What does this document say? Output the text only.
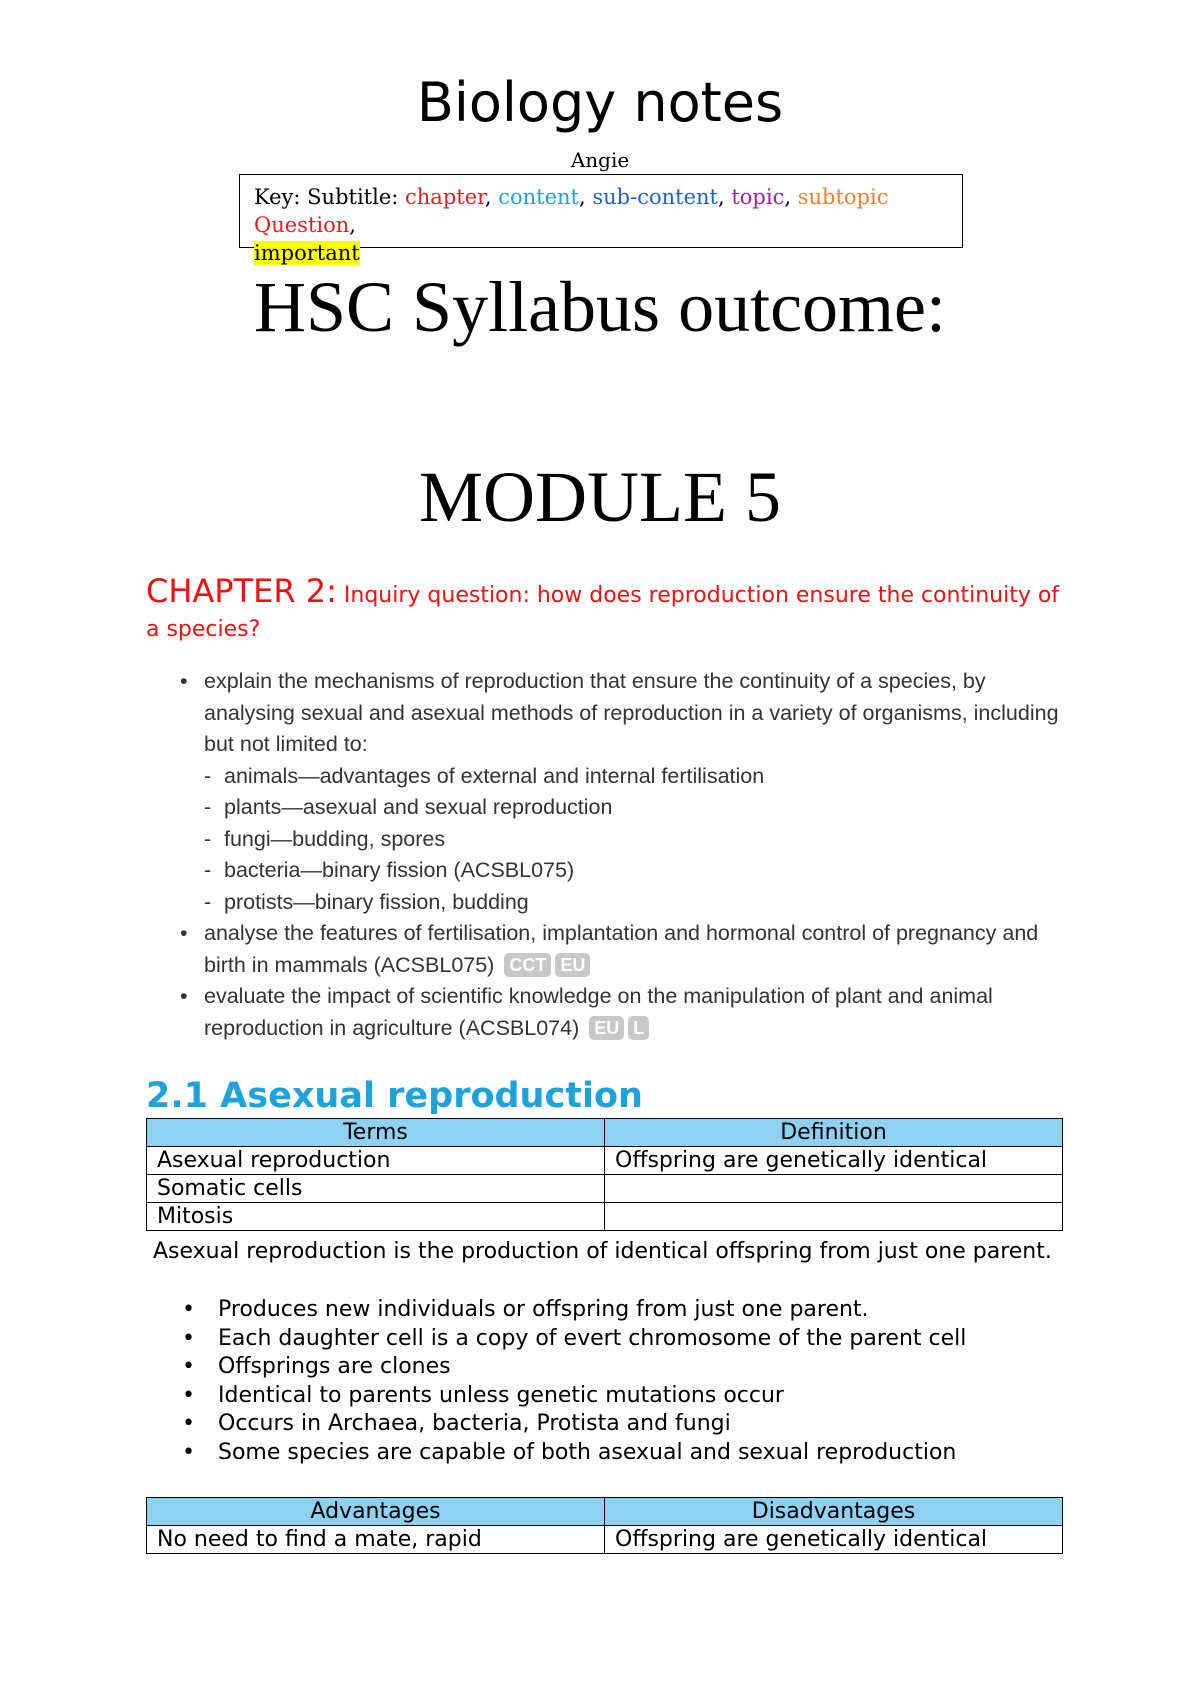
Biology notes
Angie
Key: Subtitle: chapter, content, sub-content, topic, subtopic Question,
important
HSC Syllabus outcome:
MODULE 5
CHAPTER 2: Inquiry question: how does reproduction ensure the continuity of a species?
• explain the mechanisms of reproduction that ensure the continuity of a species, by analysing sexual and asexual methods of reproduction in a variety of organisms, including but not limited to:
- animals—advantages of external and internal fertilisation
- plants—asexual and sexual reproduction
- fungi—budding, spores
- bacteria—binary fission (ACSBL075)
- protists—binary fission, budding
• analyse the features of fertilisation, implantation and hormonal control of pregnancy and birth in mammals (ACSBL075) CCT EU
• evaluate the impact of scientific knowledge on the manipulation of plant and animal reproduction in agriculture (ACSBL074) EU L
2.1 Asexual reproduction
Terms	Definition
Asexual reproduction	Offspring are genetically identical
Somatic cells	
Mitosis	
Asexual reproduction is the production of identical offspring from just one parent.
• Produces new individuals or offspring from just one parent.
• Each daughter cell is a copy of evert chromosome of the parent cell
• Offsprings are clones
• Identical to parents unless genetic mutations occur
• Occurs in Archaea, bacteria, Protista and fungi
• Some species are capable of both asexual and sexual reproduction
Advantages	Disadvantages
No need to find a mate, rapid	Offspring are genetically identical
